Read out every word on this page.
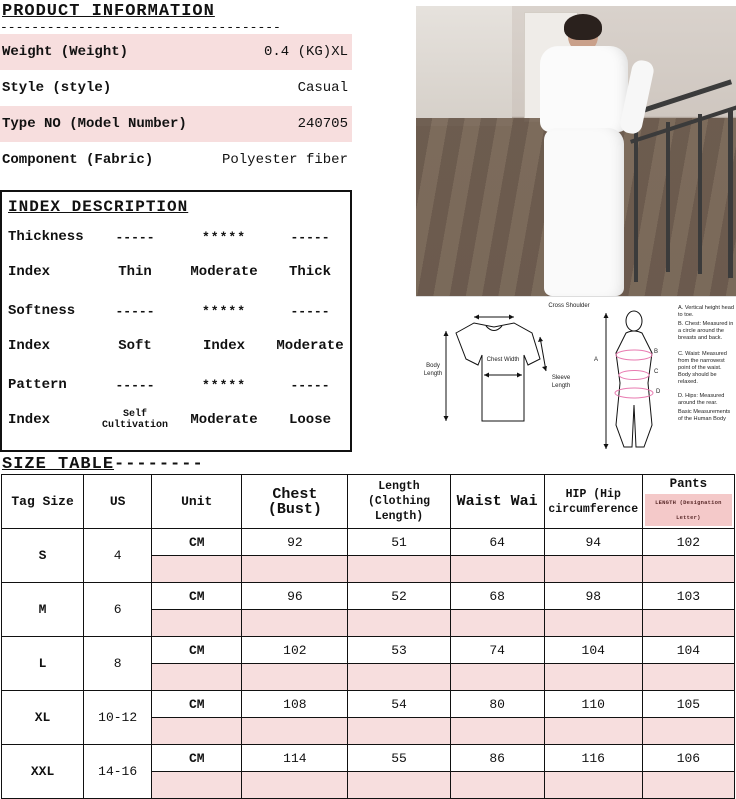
PRODUCT INFORMATION
------------------------------------
Weight (Weight)	0.4 (KG)XL
Style (style)	Casual
Type NO (Model Number)	240705
Component (Fabric)	Polyester fiber
INDEX DESCRIPTION
Thickness	-----	*****	-----
Index	Thin	Moderate	Thick
Softness	-----	*****	-----
Index	Soft	Index	Moderate
Pattern	-----	*****	-----
Index	Self Cultivation	Moderate	Loose
Cross Shoulder
Body Length
Chest Width
Sleeve Length
A
B
C
D
A. Vertical height head to toe.
B. Chest: Measured in a circle around the breasts and back.
C. Waist: Measured from the narrowest point of the waist. Body should be relaxed.
D. Hips: Measured around the rear.
Basic Measurements of the Human Body
SIZE TABLE--------
Tag Size	US	Unit	Chest (Bust)	Length (Clothing Length)	Waist Wai	HIP (Hip circumference	Pants
LENGTH (Designation Letter)

S	4	CM	92	51	64	94	102

M	6	CM	96	52	68	98	103

L	8	CM	102	53	74	104	104

XL	10-12	CM	108	54	80	110	105

XXL	14-16	CM	114	55	86	116	106
